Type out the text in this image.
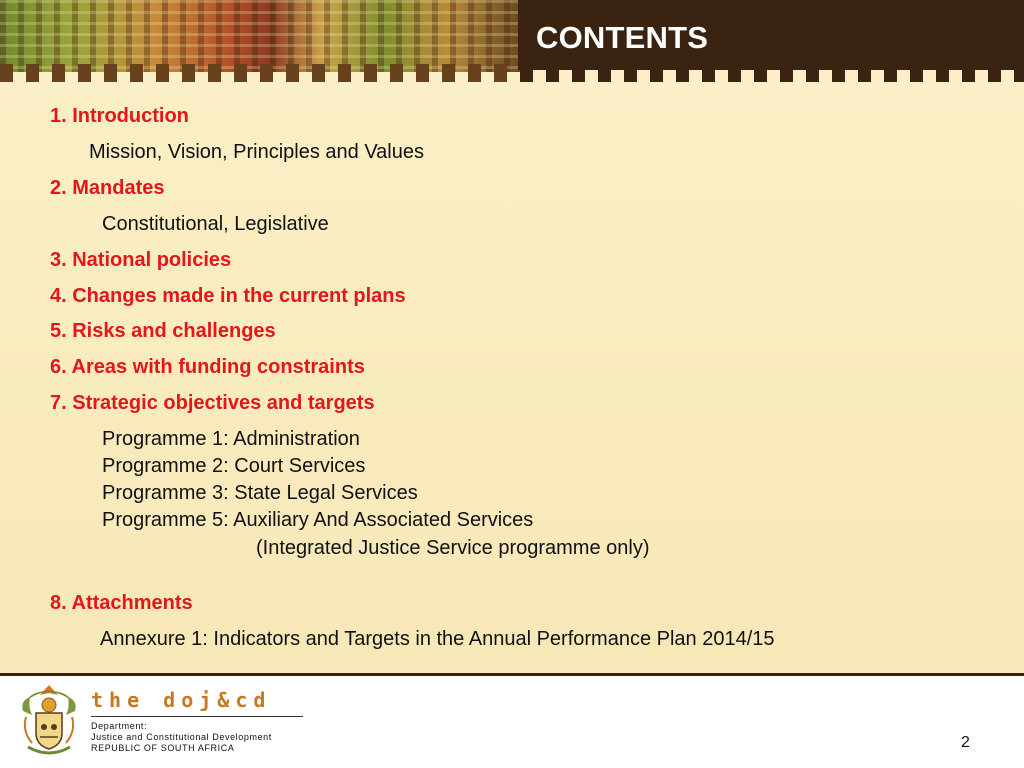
CONTENTS
1. Introduction
Mission, Vision, Principles and Values
2. Mandates
Constitutional, Legislative
3. National policies
4. Changes made in the current plans
5. Risks and challenges
6. Areas with funding constraints
7. Strategic objectives and targets
Programme 1: Administration
Programme 2: Court Services
Programme 3: State Legal Services
Programme 5: Auxiliary And Associated Services
(Integrated Justice Service programme only)
8. Attachments
Annexure 1: Indicators and Targets in the Annual Performance Plan 2014/15
the doj&cd
Department:
Justice and Constitutional Development
REPUBLIC OF SOUTH AFRICA	2
